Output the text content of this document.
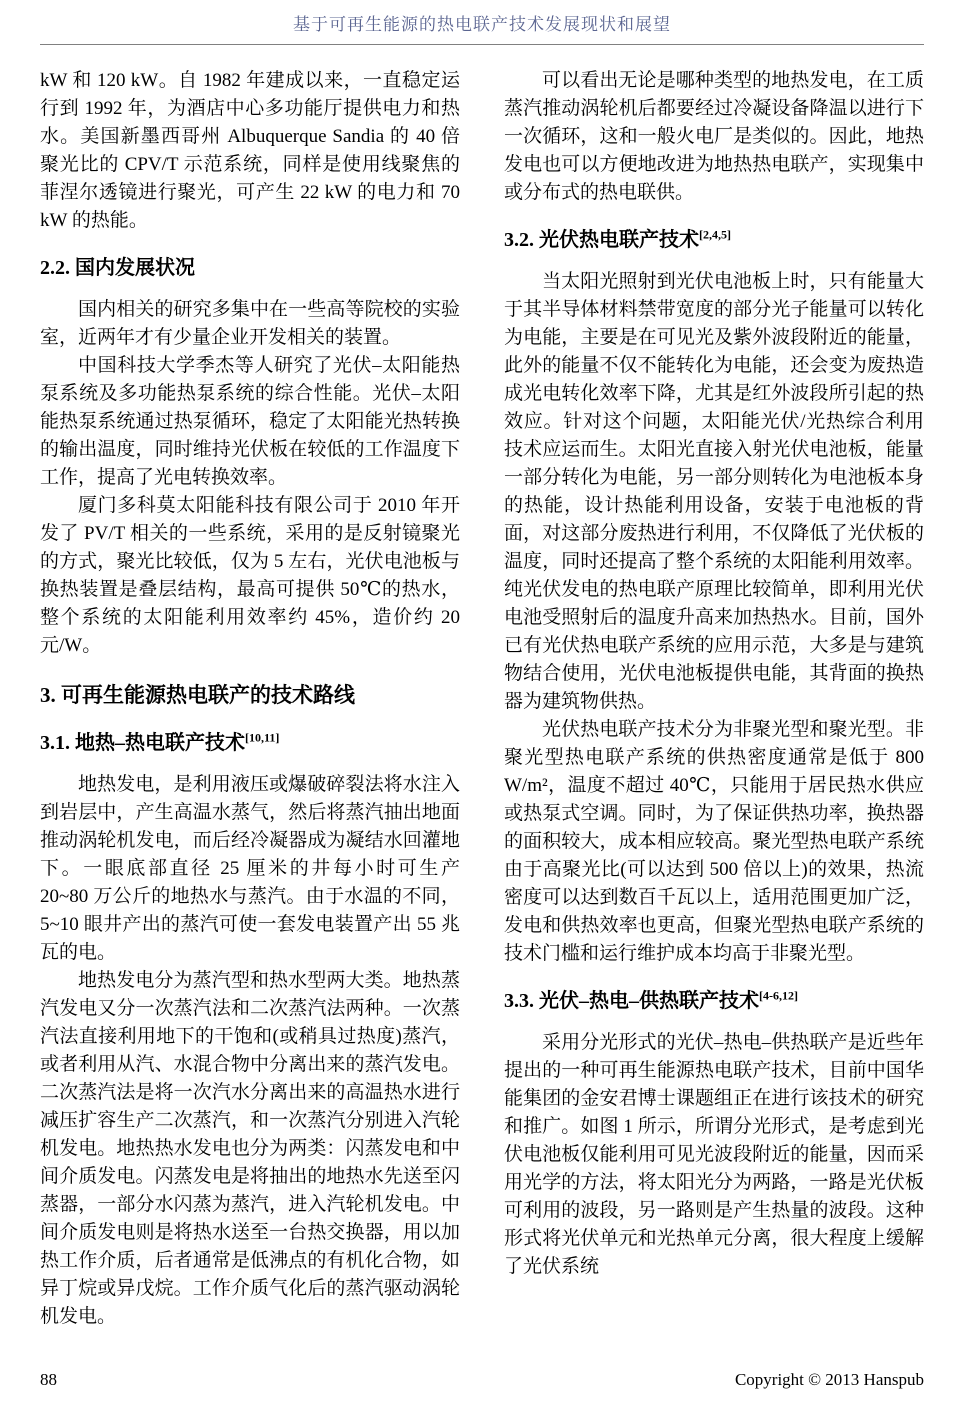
基于可再生能源的热电联产技术发展现状和展望

kW 和 120 kW。自 1982 年建成以来，一直稳定运行到 1992 年，为酒店中心多功能厅提供电力和热水。美国新墨西哥州 Albuquerque Sandia 的 40 倍聚光比的 CPV/T 示范系统，同样是使用线聚焦的菲涅尔透镜进行聚光，可产生 22 kW 的电力和 70 kW 的热能。

2.2. 国内发展状况

国内相关的研究多集中在一些高等院校的实验室，近两年才有少量企业开发相关的装置。

中国科技大学季杰等人研究了光伏–太阳能热泵系统及多功能热泵系统的综合性能。光伏–太阳能热泵系统通过热泵循环，稳定了太阳能光热转换的输出温度，同时维持光伏板在较低的工作温度下工作，提高了光电转换效率。

厦门多科莫太阳能科技有限公司于 2010 年开发了 PV/T 相关的一些系统，采用的是反射镜聚光的方式，聚光比较低，仅为 5 左右，光伏电池板与换热装置是叠层结构，最高可提供 50℃的热水，整个系统的太阳能利用效率约 45%，造价约 20 元/W。

3. 可再生能源热电联产的技术路线
3.1. 地热–热电联产技术[10,11]

地热发电，是利用液压或爆破碎裂法将水注入到岩层中，产生高温水蒸气，然后将蒸汽抽出地面推动涡轮机发电，而后经冷凝器成为凝结水回灌地下。一眼底部直径 25 厘米的井每小时可生产 20~80 万公斤的地热水与蒸汽。由于水温的不同，5~10 眼井产出的蒸汽可使一套发电装置产出 55 兆瓦的电。

地热发电分为蒸汽型和热水型两大类。地热蒸汽发电又分一次蒸汽法和二次蒸汽法两种。一次蒸汽法直接利用地下的干饱和(或稍具过热度)蒸汽，或者利用从汽、水混合物中分离出来的蒸汽发电。二次蒸汽法是将一次汽水分离出来的高温热水进行减压扩容生产二次蒸汽，和一次蒸汽分别进入汽轮机发电。地热热水发电也分为两类：闪蒸发电和中间介质发电。闪蒸发电是将抽出的地热水先送至闪蒸器，一部分水闪蒸为蒸汽，进入汽轮机发电。中间介质发电则是将热水送至一台热交换器，用以加热工作介质，后者通常是低沸点的有机化合物，如异丁烷或异戊烷。工作介质气化后的蒸汽驱动涡轮机发电。

可以看出无论是哪种类型的地热发电，在工质蒸汽推动涡轮机后都要经过冷凝设备降温以进行下一次循环，这和一般火电厂是类似的。因此，地热发电也可以方便地改进为地热热电联产，实现集中或分布式的热电联供。

3.2. 光伏热电联产技术[2,4,5]

当太阳光照射到光伏电池板上时，只有能量大于其半导体材料禁带宽度的部分光子能量可以转化为电能，主要是在可见光及紫外波段附近的能量，此外的能量不仅不能转化为电能，还会变为废热造成光电转化效率下降，尤其是红外波段所引起的热效应。针对这个问题，太阳能光伏/光热综合利用技术应运而生。太阳光直接入射光伏电池板，能量一部分转化为电能，另一部分则转化为电池板本身的热能，设计热能利用设备，安装于电池板的背面，对这部分废热进行利用，不仅降低了光伏板的温度，同时还提高了整个系统的太阳能利用效率。纯光伏发电的热电联产原理比较简单，即利用光伏电池受照射后的温度升高来加热热水。目前，国外已有光伏热电联产系统的应用示范，大多是与建筑物结合使用，光伏电池板提供电能，其背面的换热器为建筑物供热。

光伏热电联产技术分为非聚光型和聚光型。非聚光型热电联产系统的供热密度通常是低于 800 W/m²，温度不超过 40℃，只能用于居民热水供应或热泵式空调。同时，为了保证供热功率，换热器的面积较大，成本相应较高。聚光型热电联产系统由于高聚光比(可以达到 500 倍以上)的效果，热流密度可以达到数百千瓦以上，适用范围更加广泛，发电和供热效率也更高，但聚光型热电联产系统的技术门槛和运行维护成本均高于非聚光型。

3.3. 光伏–热电–供热联产技术[4-6,12]

采用分光形式的光伏–热电–供热联产是近些年提出的一种可再生能源热电联产技术，目前中国华能集团的金安君博士课题组正在进行该技术的研究和推广。如图 1 所示，所谓分光形式，是考虑到光伏电池板仅能利用可见光波段附近的能量，因而采用光学的方法，将太阳光分为两路，一路是光伏板可利用的波段，另一路则是产生热量的波段。这种形式将光伏单元和光热单元分离，很大程度上缓解了光伏系统

88	Copyright © 2013 Hanspub
